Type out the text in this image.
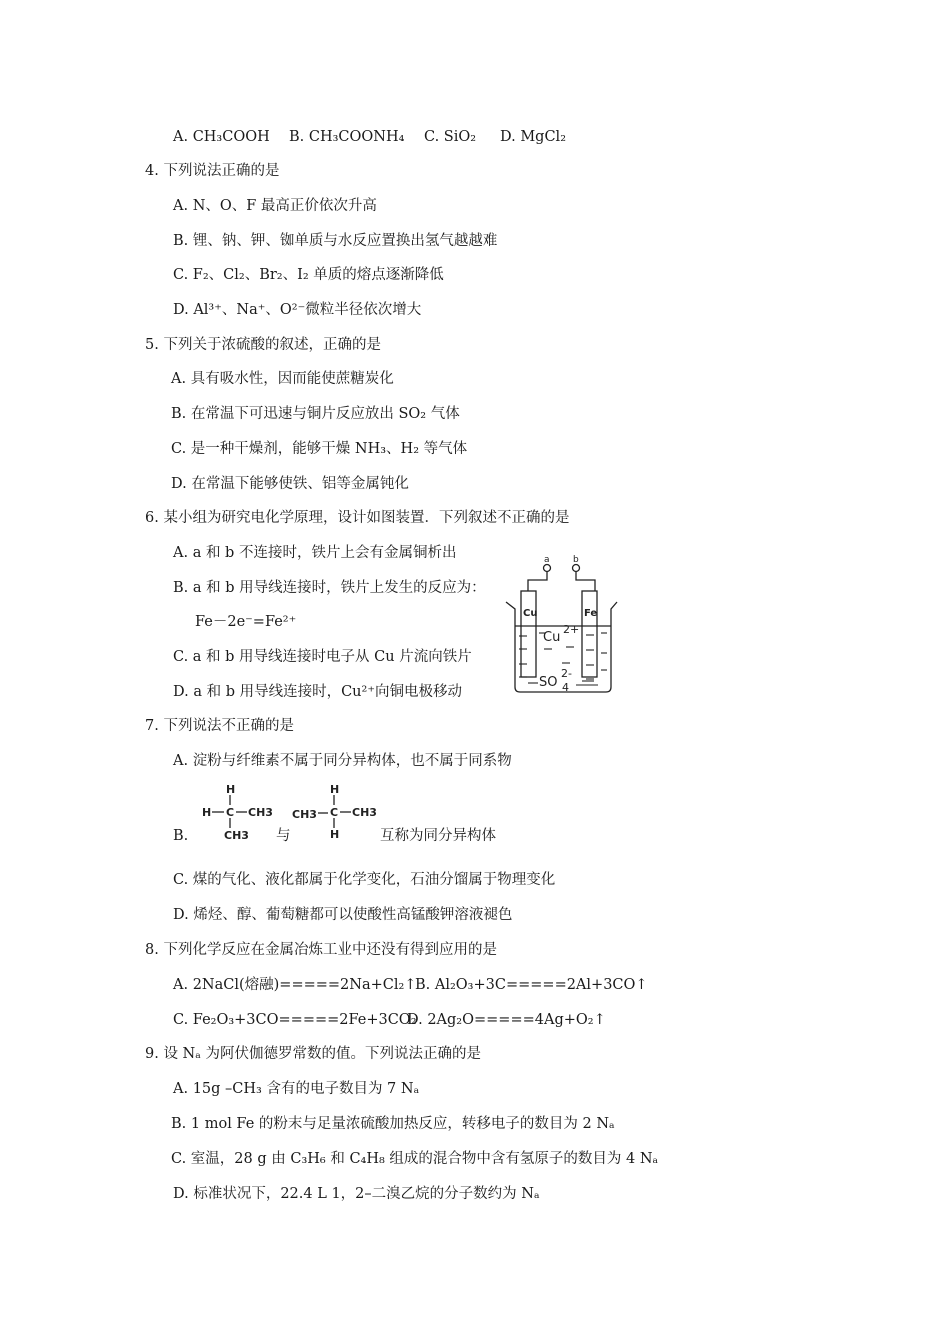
A. CH₃COOH B. CH₃COONH₄ C. SiO₂ D. MgCl₂
4. 下列说法正确的是
A. N、O、F 最高正价依次升高
B. 锂、钠、钾、铷单质与水反应置换出氢气越越难
C. F₂、Cl₂、Br₂、I₂ 单质的熔点逐渐降低
D. Al³⁺、Na⁺、O²⁻微粒半径依次增大
5. 下列关于浓硫酸的叙述，正确的是
A. 具有吸水性，因而能使蔗糖炭化
B. 在常温下可迅速与铜片反应放出 SO₂ 气体
C. 是一种干燥剂，能够干燥 NH₃、H₂ 等气体
D. 在常温下能够使铁、铝等金属钝化
6. 某小组为研究电化学原理，设计如图装置．下列叙述不正确的是
A. a 和 b 不连接时，铁片上会有金属铜析出
B. a 和 b 用导线连接时，铁片上发生的反应为：
Fe－2e⁻=Fe²⁺
C. a 和 b 用导线连接时电子从 Cu 片流向铁片
D. a 和 b 用导线连接时，Cu²⁺向铜电极移动
a	b
Cu	Fe
Cu
2+
SO 4
2-
7. 下列说法不正确的是
A. 淀粉与纤维素不属于同分异构体，也不属于同系物
B.
H
H C CH3
CH3 与
H
CH3 C CH3
H	互称为同分异构体
C. 煤的气化、液化都属于化学变化，石油分馏属于物理变化
D. 烯烃、醇、葡萄糖都可以使酸性高锰酸钾溶液褪色
8. 下列化学反应在金属冶炼工业中还没有得到应用的是
A. 2NaCl(熔融)=====2Na+Cl₂↑
B. Al₂O₃+3C=====2Al+3CO↑
C. Fe₂O₃+3CO=====2Fe+3CO₂
D. 2Ag₂O=====4Ag+O₂↑
9. 设 Nₐ 为阿伏伽德罗常数的值。下列说法正确的是
A. 15g –CH₃ 含有的电子数目为 7 Nₐ
B. 1 mol Fe 的粉末与足量浓硫酸加热反应，转移电子的数目为 2 Nₐ
C. 室温，28 g 由 C₃H₆ 和 C₄H₈ 组成的混合物中含有氢原子的数目为 4 Nₐ
D. 标准状况下，22.4 L 1，2–二溴乙烷的分子数约为 Nₐ
